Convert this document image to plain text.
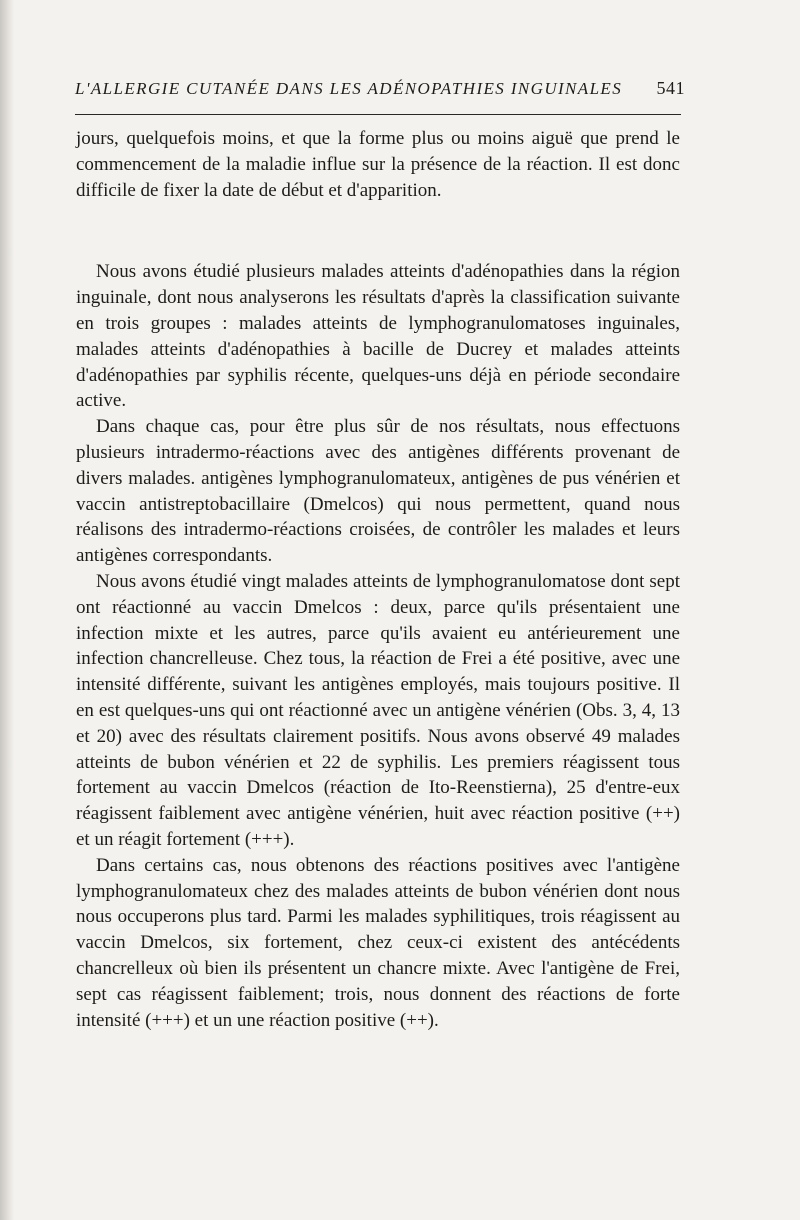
L'ALLERGIE CUTANÉE DANS LES ADÉNOPATHIES INGUINALES 541

jours, quelquefois moins, et que la forme plus ou moins aiguë que prend le commencement de la maladie influe sur la présence de la réaction. Il est donc difficile de fixer la date de début et d'apparition.

Nous avons étudié plusieurs malades atteints d'adénopathies dans la région inguinale, dont nous analyserons les résultats d'après la classification suivante en trois groupes : malades atteints de lymphogranulomatoses inguinales, malades atteints d'adénopathies à bacille de Ducrey et malades atteints d'adénopathies par syphilis récente, quelques-uns déjà en période secondaire active.

Dans chaque cas, pour être plus sûr de nos résultats, nous effectuons plusieurs intradermo-réactions avec des antigènes différents provenant de divers malades. antigènes lymphogranulomateux, antigènes de pus vénérien et vaccin antistreptobacillaire (Dmelcos) qui nous permettent, quand nous réalisons des intradermo-réactions croisées, de contrôler les malades et leurs antigènes correspondants.

Nous avons étudié vingt malades atteints de lymphogranulomatose dont sept ont réactionné au vaccin Dmelcos : deux, parce qu'ils présentaient une infection mixte et les autres, parce qu'ils avaient eu antérieurement une infection chancrelleuse. Chez tous, la réaction de Frei a été positive, avec une intensité différente, suivant les antigènes employés, mais toujours positive. Il en est quelques-uns qui ont réactionné avec un antigène vénérien (Obs. 3, 4, 13 et 20) avec des résultats clairement positifs. Nous avons observé 49 malades atteints de bubon vénérien et 22 de syphilis. Les premiers réagissent tous fortement au vaccin Dmelcos (réaction de Ito-Reenstierna), 25 d'entre-eux réagissent faiblement avec antigène vénérien, huit avec réaction positive (++) et un réagit fortement (+++).

Dans certains cas, nous obtenons des réactions positives avec l'antigène lymphogranulomateux chez des malades atteints de bubon vénérien dont nous nous occuperons plus tard. Parmi les malades syphilitiques, trois réagissent au vaccin Dmelcos, six fortement, chez ceux-ci existent des antécédents chancrelleux où bien ils présentent un chancre mixte. Avec l'antigène de Frei, sept cas réagissent faiblement; trois, nous donnent des réactions de forte intensité (+++) et un une réaction positive (++).
